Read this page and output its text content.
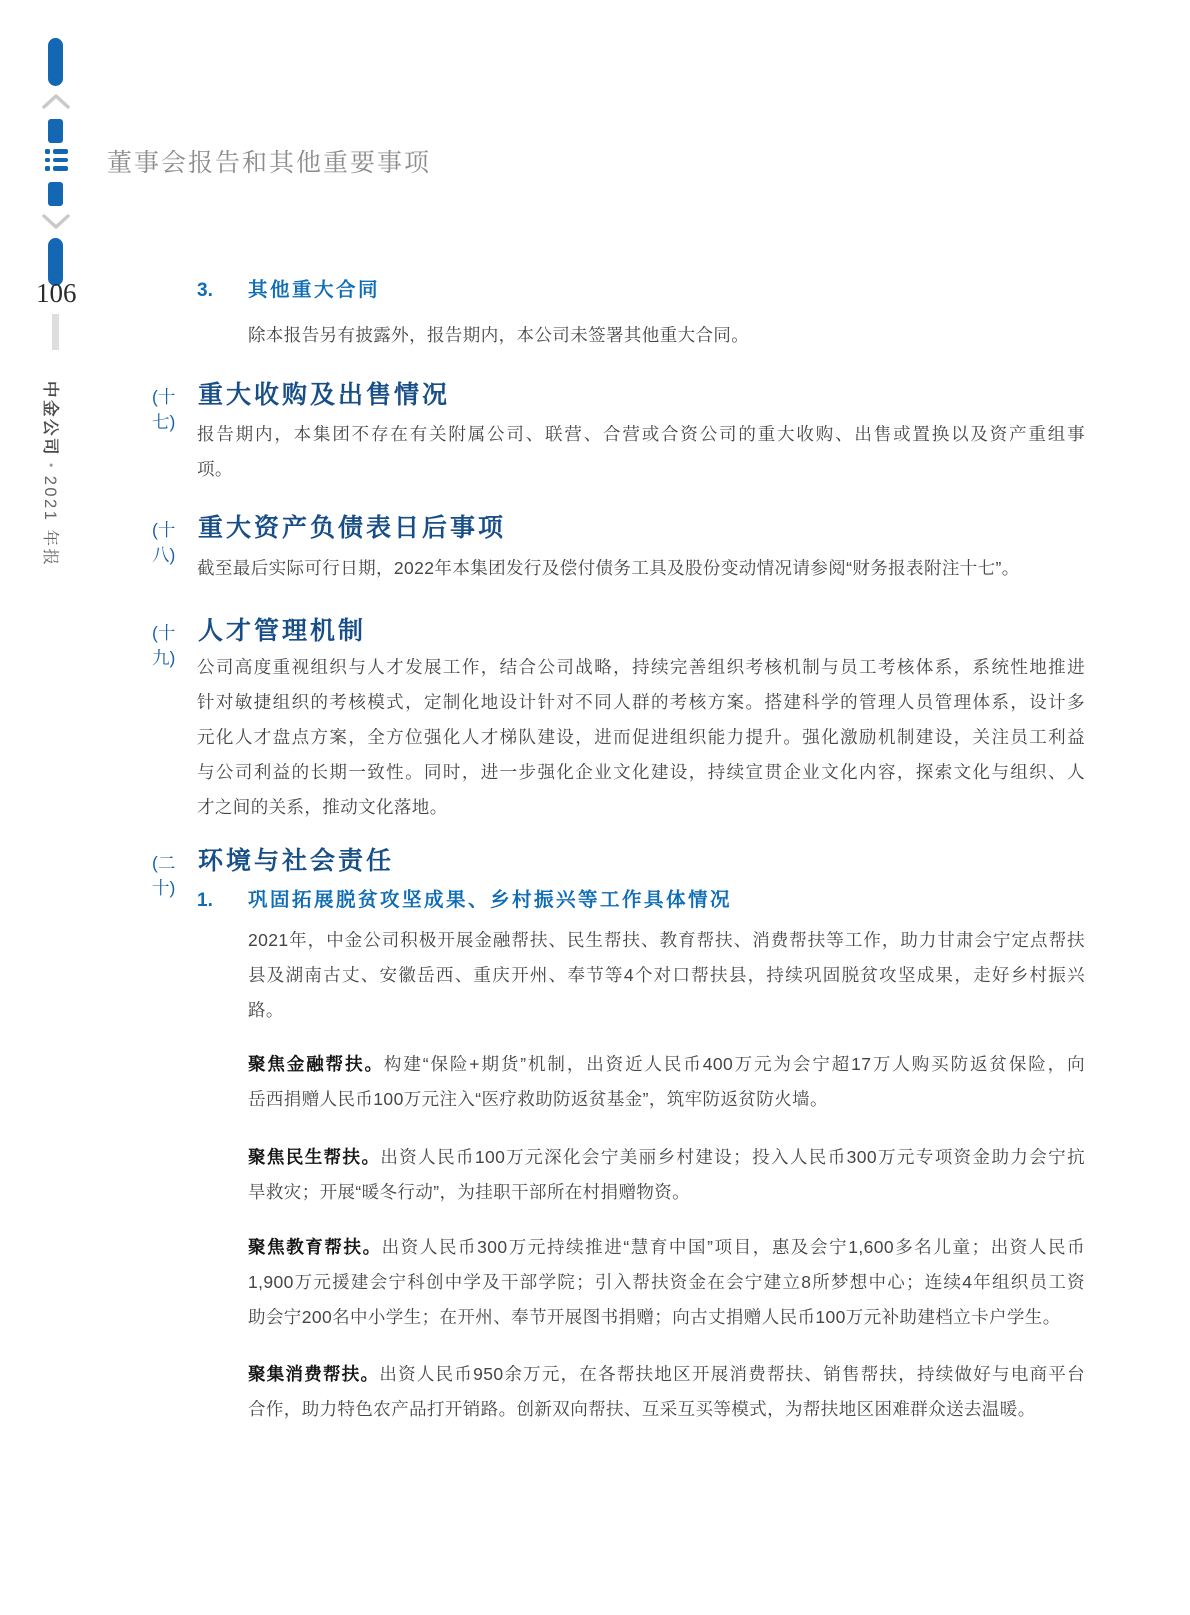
106
中金公司•2021 年报
董事会报告和其他重要事项
3.	其他重大合同
除本报告另有披露外，报告期内，本公司未签署其他重大合同。
(十七)
重大收购及出售情况
报告期内，本集团不存在有关附属公司、联营、合营或合资公司的重大收购、出售或置换以及资产重组事
项。
(十八)
重大资产负债表日后事项
截至最后实际可行日期，2022年本集团发行及偿付债务工具及股份变动情况请参阅“财务报表附注十七”。
(十九)
人才管理机制
公司高度重视组织与人才发展工作，结合公司战略，持续完善组织考核机制与员工考核体系，系统性地推进
针对敏捷组织的考核模式，定制化地设计针对不同人群的考核方案。搭建科学的管理人员管理体系，设计多
元化人才盘点方案，全方位强化人才梯队建设，进而促进组织能力提升。强化激励机制建设，关注员工利益
与公司利益的长期一致性。同时，进一步强化企业文化建设，持续宣贯企业文化内容，探索文化与组织、人
才之间的关系，推动文化落地。
(二十)
环境与社会责任
1.	巩固拓展脱贫攻坚成果、乡村振兴等工作具体情况
2021年，中金公司积极开展金融帮扶、民生帮扶、教育帮扶、消费帮扶等工作，助力甘肃会宁定点帮扶
县及湖南古丈、安徽岳西、重庆开州、奉节等4个对口帮扶县，持续巩固脱贫攻坚成果，走好乡村振兴
路。
聚焦金融帮扶。构建“保险+期货”机制，出资近人民币400万元为会宁超17万人购买防返贫保险，向
岳西捐赠人民币100万元注入“医疗救助防返贫基金”，筑牢防返贫防火墙。
聚焦民生帮扶。出资人民币100万元深化会宁美丽乡村建设；投入人民币300万元专项资金助力会宁抗
旱救灾；开展“暖冬行动”，为挂职干部所在村捐赠物资。
聚焦教育帮扶。出资人民币300万元持续推进“慧育中国”项目，惠及会宁1,600多名儿童；出资人民币
1,900万元援建会宁科创中学及干部学院；引入帮扶资金在会宁建立8所梦想中心；连续4年组织员工资
助会宁200名中小学生；在开州、奉节开展图书捐赠；向古丈捐赠人民币100万元补助建档立卡户学生。
聚集消费帮扶。出资人民币950余万元，在各帮扶地区开展消费帮扶、销售帮扶，持续做好与电商平台
合作，助力特色农产品打开销路。创新双向帮扶、互采互买等模式，为帮扶地区困难群众送去温暖。
